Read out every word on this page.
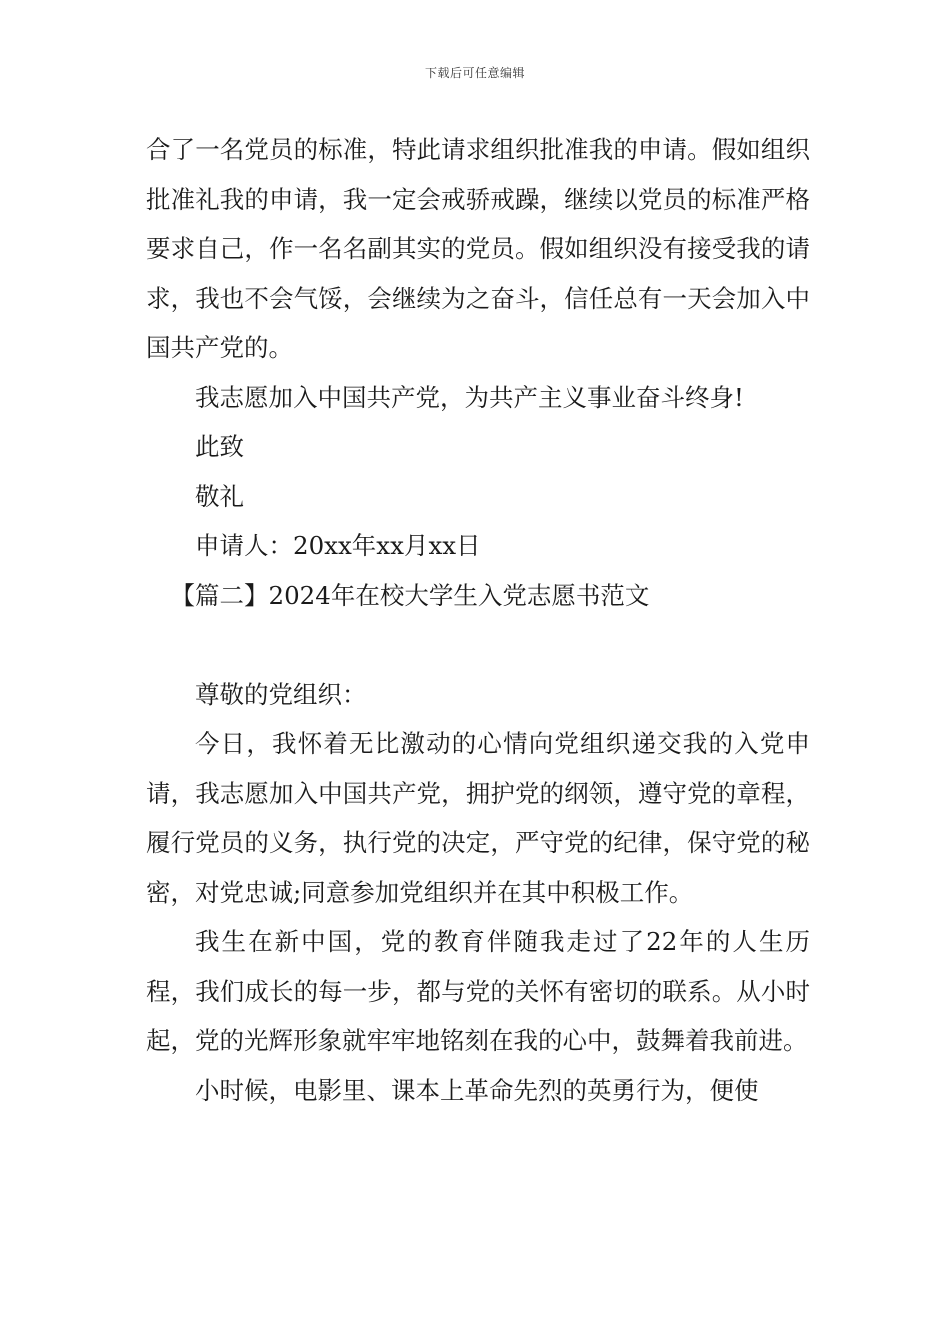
下载后可任意编辑

合了一名党员的标准，特此请求组织批准我的申请。假如组织批准礼我的申请，我一定会戒骄戒躁，继续以党员的标准严格要求自己，作一名名副其实的党员。假如组织没有接受我的请求，我也不会气馁，会继续为之奋斗，信任总有一天会加入中国共产党的。

我志愿加入中国共产党，为共产主义事业奋斗终身!

此致

敬礼

申请人：20xx年xx月xx日

【篇二】2024年在校大学生入党志愿书范文

尊敬的党组织：

今日，我怀着无比激动的心情向党组织递交我的入党申请，我志愿加入中国共产党，拥护党的纲领，遵守党的章程，履行党员的义务，执行党的决定，严守党的纪律，保守党的秘密，对党忠诚;同意参加党组织并在其中积极工作。

我生在新中国，党的教育伴随我走过了22年的人生历程，我们成长的每一步，都与党的关怀有密切的联系。从小时起，党的光辉形象就牢牢地铭刻在我的心中，鼓舞着我前进。

小时候，电影里、课本上革命先烈的英勇行为，便使
